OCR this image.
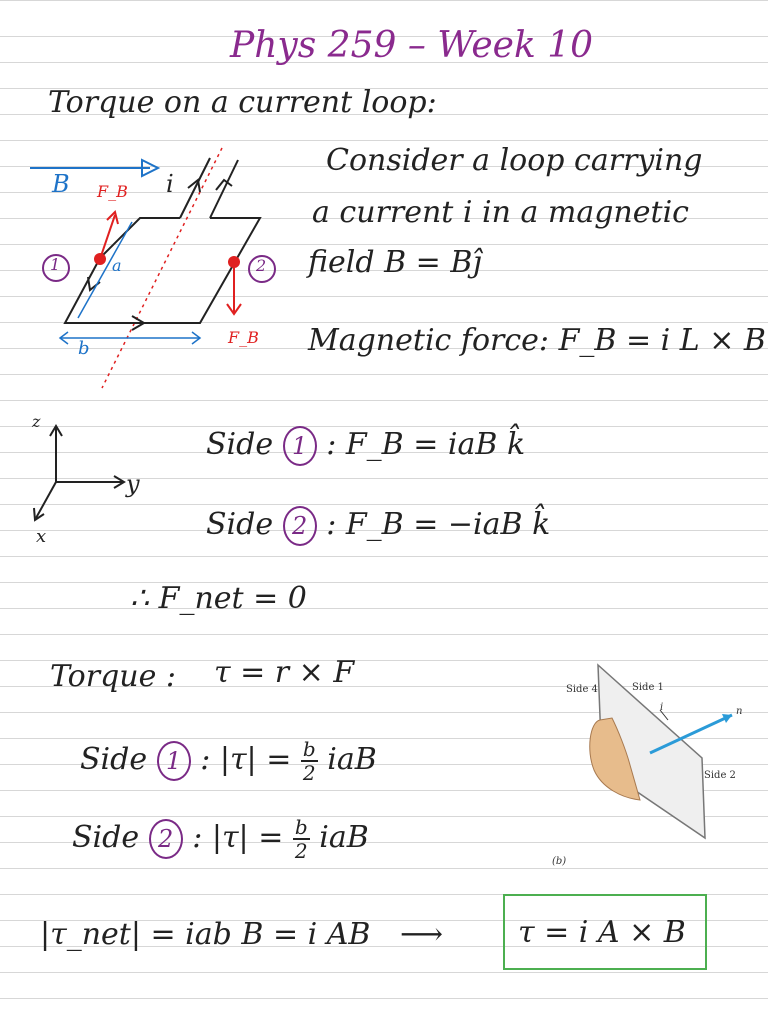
Phys 259 – Week 10
Torque on a current loop:
B F_B
F_B
i
a
b
1	2
Consider a loop carrying
a current i in a magnetic
field B = Bĵ
Magnetic force: F_B = i L × B
z
y
x
Side 1 : F_B = iaB k̂
Side 2 : F_B = −iaB k̂
∴ F_net = 0
Torque : τ = r × F
Side 1 : $|\tau| = \frac{b}{2}$ iaB
Side 2 : $|\tau| = \frac{b}{2}$ iaB
Side 4	Side 1
Side 2
i	n
(b)
|τ_net| = iab B = i AB ⟶ τ = i A × B
